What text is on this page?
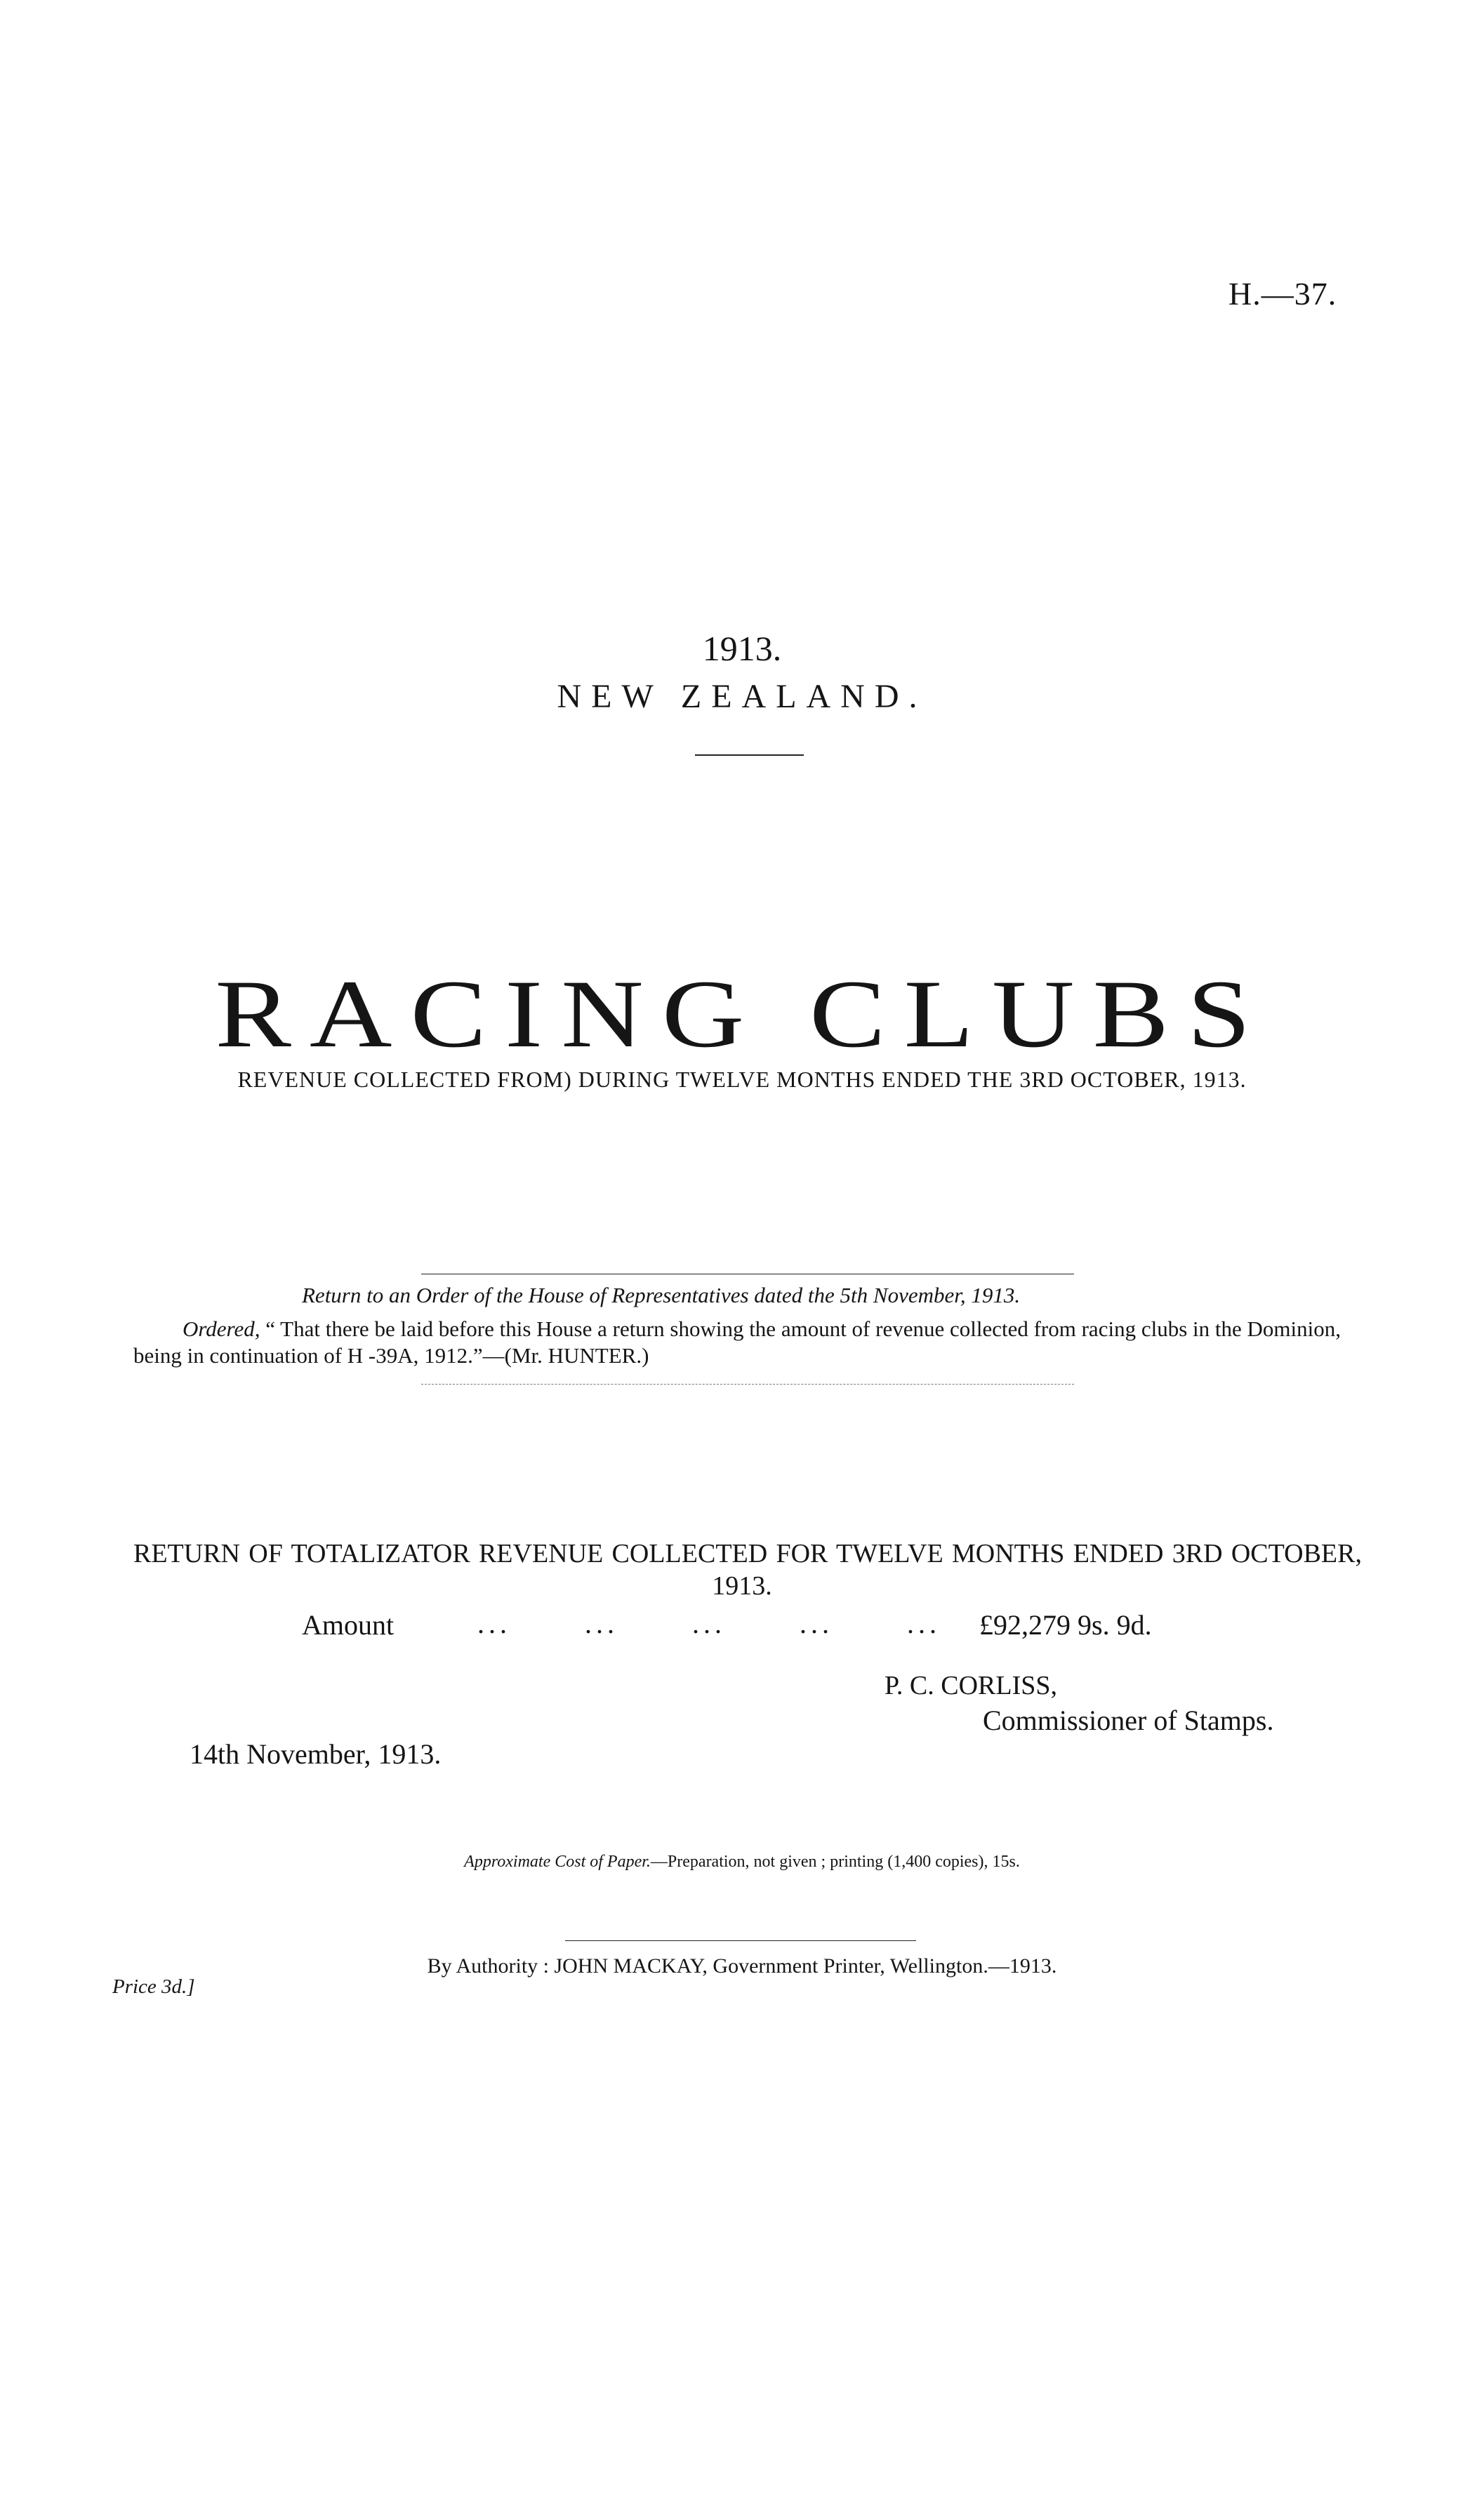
H.—37.
1913.
NEW ZEALAND.
RACING CLUBS
REVENUE COLLECTED FROM) DURING TWELVE MONTHS ENDED THE 3RD OCTOBER, 1913.
Return to an Order of the House of Representatives dated the 5th November, 1913.
Ordered, “ That there be laid before this House a return showing the amount of revenue collected from racing clubs in the Dominion, being in continuation of H -39A, 1912.”—(Mr. HUNTER.)
RETURN OF TOTALIZATOR REVENUE COLLECTED FOR TWELVE MONTHS ENDED 3RD OCTOBER,
1913.
Amount	... ... ... ... ... £92,279 9s. 9d.
P. C. CORLISS,
Commissioner of Stamps.
14th November, 1913.
Approximate Cost of Paper.—Preparation, not given ; printing (1,400 copies), 15s.
By Authority : JOHN MACKAY, Government Printer, Wellington.—1913.
Price 3d.]
